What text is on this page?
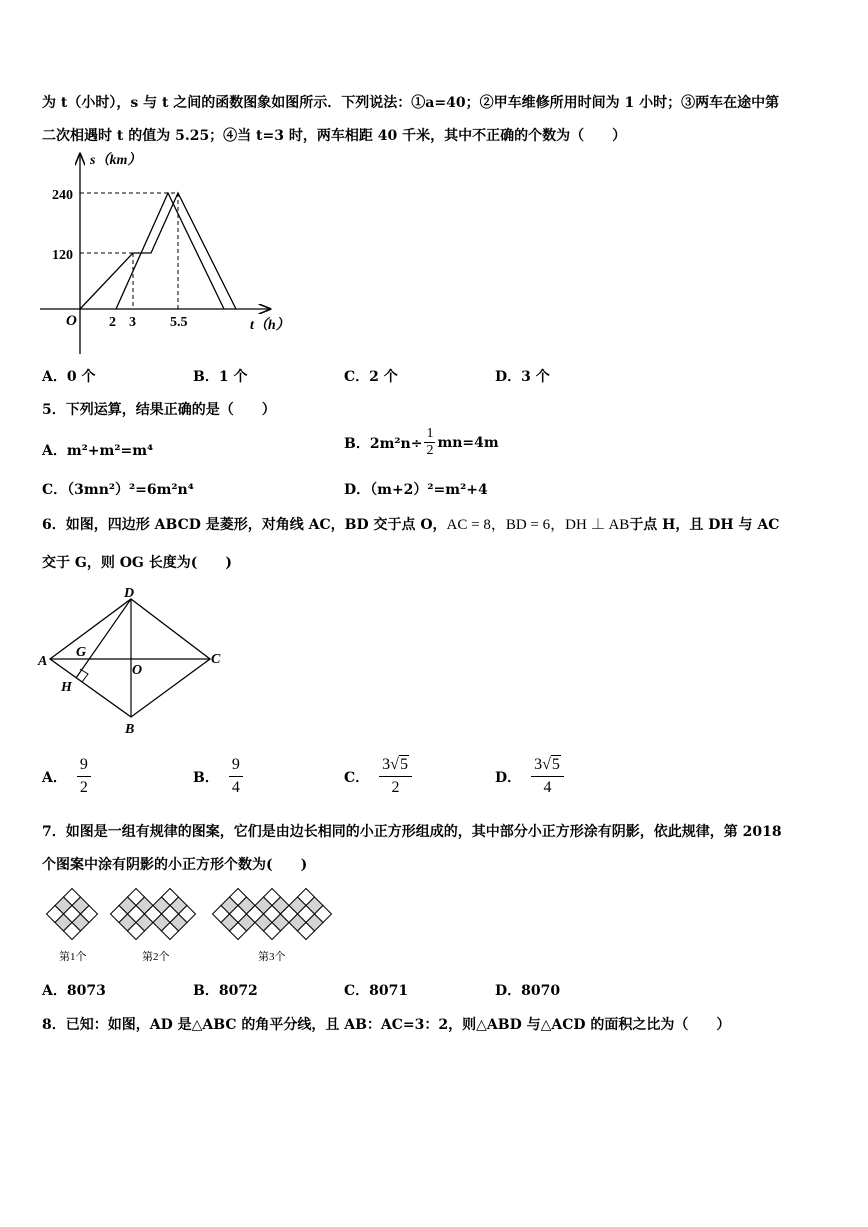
为 t（小时），s 与 t 之间的函数图象如图所示．下列说法：①a=40；②甲车维修所用时间为 1 小时；③两车在途中第
二次相遇时 t 的值为 5.25；④当 t=3 时，两车相距 40 千米，其中不正确的个数为（　　）
s（km）
240
120
O 2 3 5.5	t（h）
A．0 个	B．1 个	C．2 个	D．3 个
5．下列运算，结果正确的是（　　）
A．m²+m²=m⁴	B．$2m^2n\div \frac{1}{2} mn=4m$
C．（3mn²）²=6m²n⁴	D．（m+2）²=m²+4
6．如图，四边形 ABCD 是菱形，对角线 AC，BD 交于点 O，AC = 8，BD = 6，DH ⊥ AB于点 H，且 DH 与 AC
交于 G，则 OG 长度为(　　)
D
A
G
O
C
H
B
A． $\frac{9}{2}$	B． $\frac{9}{4}$	C． $\frac{3√5}{2}$	D． $\frac{3√5}{4}$
7．如图是一组有规律的图案，它们是由边长相同的小正方形组成的，其中部分小正方形涂有阴影，依此规律，第 2018
个图案中涂有阴影的小正方形个数为(　　)
第1个	第2个	第3个
A．8073	B．8072	C．8071	D．8070
8．已知：如图，AD 是△ABC 的角平分线，且 AB：AC=3：2，则△ABD 与△ACD 的面积之比为（　　）
